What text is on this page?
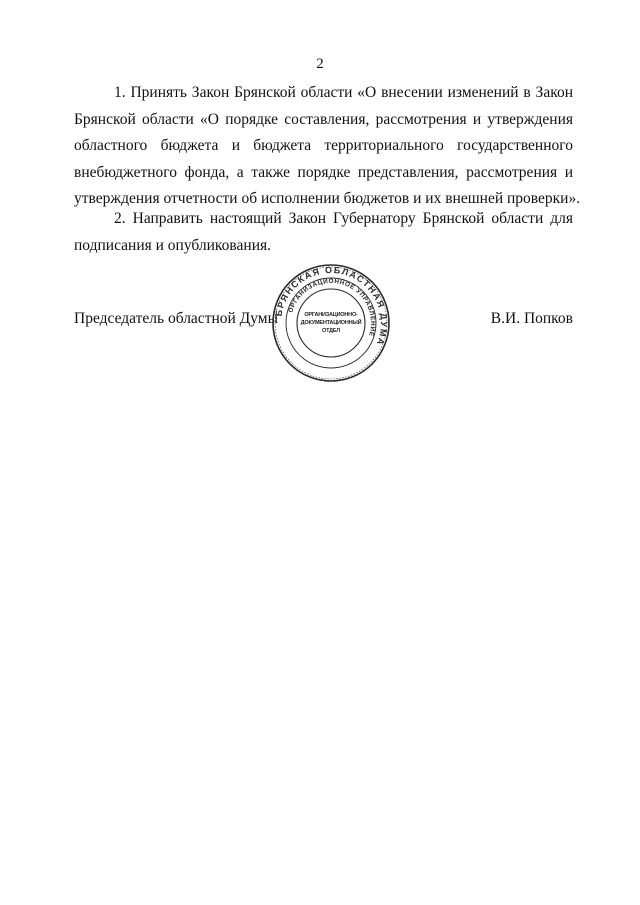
2
1. Принять Закон Брянской области «О внесении изменений в Закон
Брянской области «О порядке составления, рассмотрения и утверждения
областного бюджета и бюджета территориального государственного
внебюджетного фонда, а также порядке представления, рассмотрения и
утверждения отчетности об исполнении бюджетов и их внешней проверки».
2. Направить настоящий Закон Губернатору Брянской области для
подписания и опубликования.
Председатель областной Думы	В.И. Попков
БРЯНСКАЯ ОБЛАСТНАЯ ДУМА
ОРГАНИЗАЦИОННОЕ УПРАВЛЕНИЕ
ОРГАНИЗАЦИОННО-
ДОКУМЕНТАЦИОННЫЙ
ОТДЕЛ
